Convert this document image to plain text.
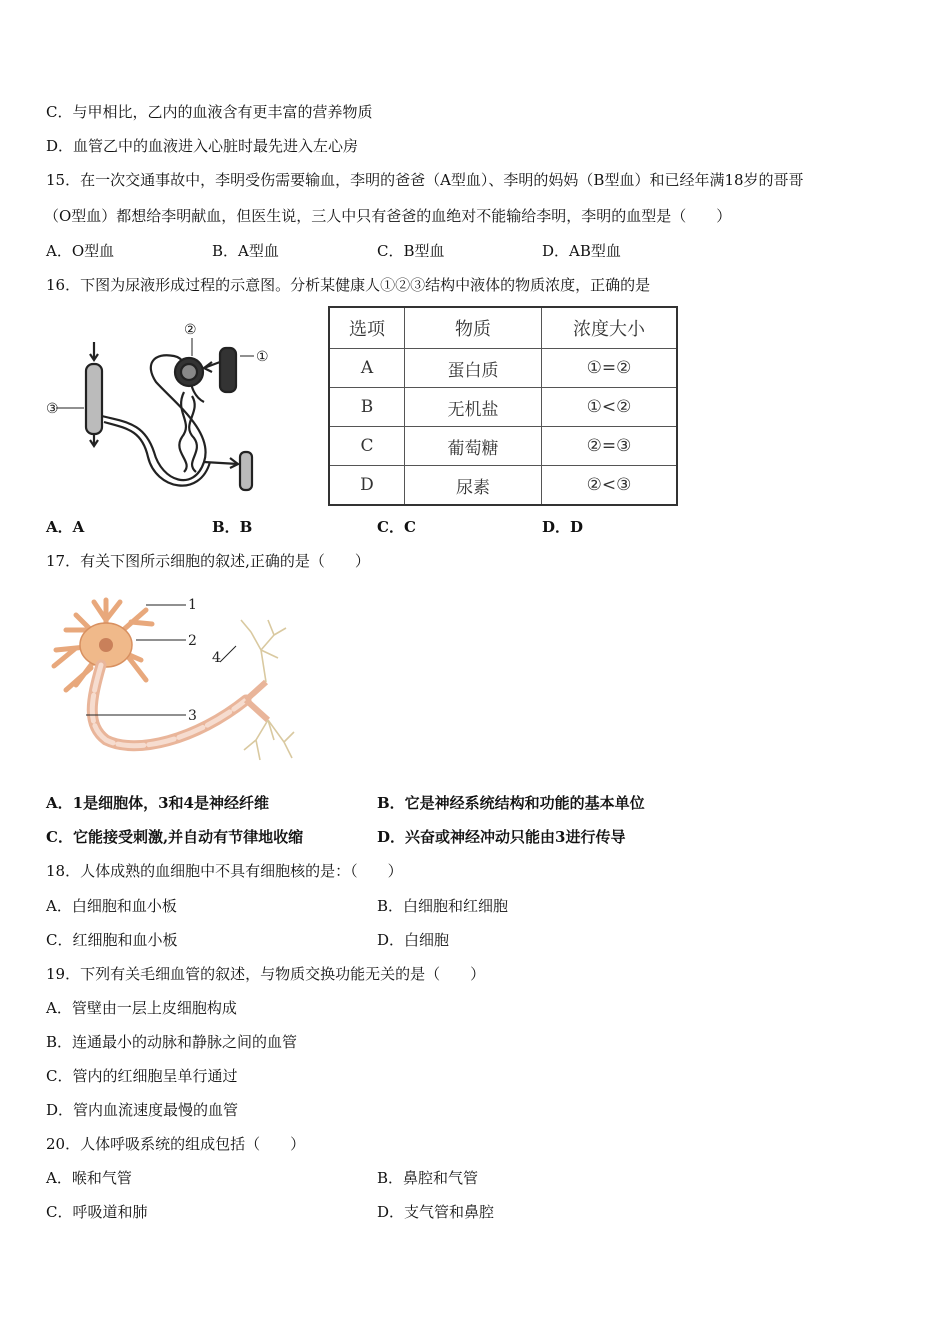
C．与甲相比，乙内的血液含有更丰富的营养物质
D．血管乙中的血液进入心脏时最先进入左心房
15．在一次交通事故中，李明受伤需要输血，李明的爸爸（A型血）、李明的妈妈（B型血）和已经年满18岁的哥哥
（O型血）都想给李明献血，但医生说，三人中只有爸爸的血绝对不能输给李明，李明的血型是（　　）
A．O型血	B．A型血	C．B型血	D．AB型血
16．下图为尿液形成过程的示意图。分析某健康人①②③结构中液体的物质浓度，正确的是
③
②
①
选项	物质	浓度大小
A	蛋白质	①=②
B	无机盐	①<②
C	葡萄糖	②=③
D	尿素	②<③
A．A	B．B	C．C	D．D
17．有关下图所示细胞的叙述,正确的是（　　）
1
2
3
4
A．1是细胞体，3和4是神经纤维	B．它是神经系统结构和功能的基本单位
C．它能接受刺激,并自动有节律地收缩	D．兴奋或神经冲动只能由3进行传导
18．人体成熟的血细胞中不具有细胞核的是：（　　）
A．白细胞和血小板	B．白细胞和红细胞
C．红细胞和血小板	D．白细胞
19．下列有关毛细血管的叙述，与物质交换功能无关的是（　　）
A．管壁由一层上皮细胞构成
B．连通最小的动脉和静脉之间的血管
C．管内的红细胞呈单行通过
D．管内血流速度最慢的血管
20．人体呼吸系统的组成包括（　　）
A．喉和气管	B．鼻腔和气管
C．呼吸道和肺	D．支气管和鼻腔
